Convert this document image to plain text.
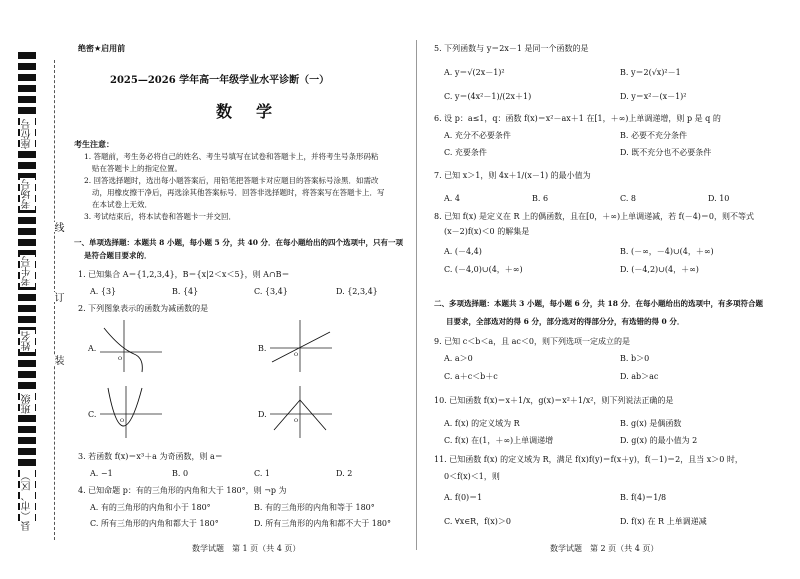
座位号
考场号
考生号
姓名
班级
县（市、区）
线
订
装
绝密★启用前
2025—2026 学年高一年级学业水平诊断（一）
数　学
考生注意：
1. 答题前，考生务必将自己的姓名、考生号填写在试卷和答题卡上，并将考生号条形码粘
贴在答题卡上的指定位置。
2. 回答选择题时，选出每小题答案后，用铅笔把答题卡对应题目的答案标号涂黑．如需改
动，用橡皮擦干净后，再选涂其他答案标号．回答非选择题时，将答案写在答题卡上．写
在本试卷上无效．
3. 考试结束后，将本试卷和答题卡一并交回．
一、单项选择题：本题共 8 小题，每小题 5 分，共 40 分．在每小题给出的四个选项中，只有一项
是符合题目要求的．
1. 已知集合 A＝{1,2,3,4}，B＝{x|2＜x＜5}，则 A∩B＝
A. {3}	B. {4}	C. {3,4}	D. {2,3,4}
2. 下列图象表示的函数为减函数的是
A.	B.
C.	D.
O
O
O	O
3. 若函数 f(x)＝x³＋a 为奇函数，则 a＝
A. −1	B. 0	C. 1	D. 2
4. 已知命题 p：有的三角形的内角和大于 180°，则 ¬p 为
A. 有的三角形的内角和小于 180°	B. 有的三角形的内角和等于 180°
C. 所有三角形的内角和都大于 180°	D. 所有三角形的内角和都不大于 180°
数学试题　第 1 页（共 4 页）
5. 下列函数与 y＝2x－1 是同一个函数的是
A. y＝√(2x－1)²	B. y＝2(√x)²－1
C. y＝(4x²－1)/(2x＋1)	D. y＝x²－(x－1)²
6. 设 p：a≤1，q：函数 f(x)＝x²－ax＋1 在[1，＋∞)上单调递增，则 p 是 q 的
A. 充分不必要条件	B. 必要不充分条件
C. 充要条件	D. 既不充分也不必要条件
7. 已知 x＞1，则 4x＋1/(x－1) 的最小值为
A. 4	B. 6	C. 8	D. 10
8. 已知 f(x) 是定义在 R 上的偶函数，且在[0，＋∞)上单调递减，若 f(－4)＝0，则不等式
(x－2)f(x)＜0 的解集是
A. (－4,4)	B. (－∞，－4)∪(4，＋∞)
C. (－4,0)∪(4，＋∞)	D. (－4,2)∪(4，＋∞)
二、多项选择题：本题共 3 小题，每小题 6 分，共 18 分．在每小题给出的选项中，有多项符合题
目要求，全部选对的得 6 分，部分选对的得部分分，有选错的得 0 分．
9. 已知 c＜b＜a，且 ac＜0，则下列选项一定成立的是
A. a＞0	B. b＞0
C. a＋c＜b＋c	D. ab＞ac
10. 已知函数 f(x)＝x＋1/x，g(x)＝x²＋1/x²，则下列说法正确的是
A. f(x) 的定义域为 R	B. g(x) 是偶函数
C. f(x) 在(1，＋∞)上单调递增	D. g(x) 的最小值为 2
11. 已知函数 f(x) 的定义域为 R，满足 f(x)f(y)＝f(x＋y)，f(－1)＝2，且当 x＞0 时，
0＜f(x)＜1，则
A. f(0)＝1	B. f(4)＝1/8
C. ∀x∈R，f(x)＞0	D. f(x) 在 R 上单调递减
数学试题　第 2 页（共 4 页）
